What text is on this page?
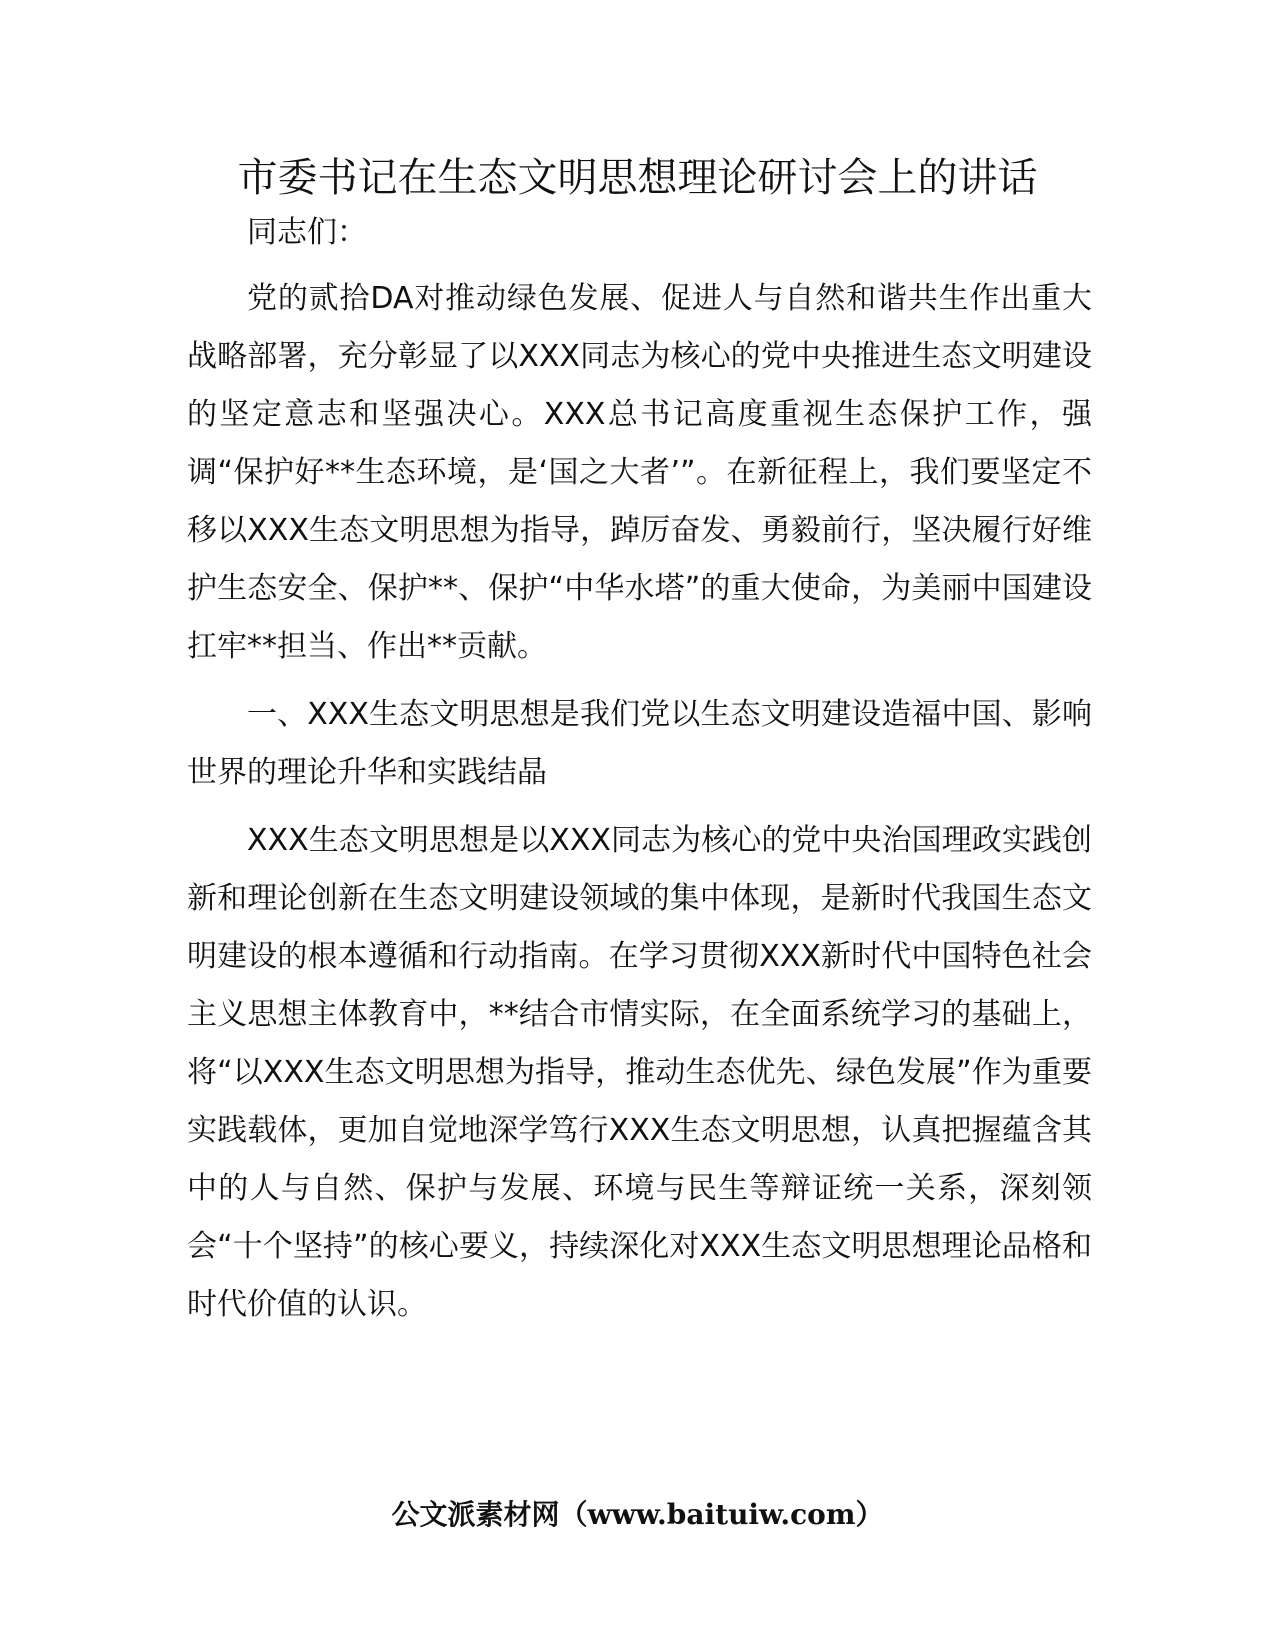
市委书记在生态文明思想理论研讨会上的讲话

同志们：

党的贰拾DA对推动绿色发展、促进人与自然和谐共生作出重大战略部署，充分彰显了以XXX同志为核心的党中央推进生态文明建设的坚定意志和坚强决心。XXX总书记高度重视生态保护工作，强调“保护好**生态环境，是‘国之大者’”。在新征程上，我们要坚定不移以XXX生态文明思想为指导，踔厉奋发、勇毅前行，坚决履行好维护生态安全、保护**、保护“中华水塔”的重大使命，为美丽中国建设扛牢**担当、作出**贡献。

一、XXX生态文明思想是我们党以生态文明建设造福中国、影响世界的理论升华和实践结晶

XXX生态文明思想是以XXX同志为核心的党中央治国理政实践创新和理论创新在生态文明建设领域的集中体现，是新时代我国生态文明建设的根本遵循和行动指南。在学习贯彻XXX新时代中国特色社会主义思想主体教育中，**结合市情实际，在全面系统学习的基础上，将“以XXX生态文明思想为指导，推动生态优先、绿色发展”作为重要实践载体，更加自觉地深学笃行XXX生态文明思想，认真把握蕴含其中的人与自然、保护与发展、环境与民生等辩证统一关系，深刻领会“十个坚持”的核心要义，持续深化对XXX生态文明思想理论品格和时代价值的认识。

公文派素材网（www.baituiw.com）
